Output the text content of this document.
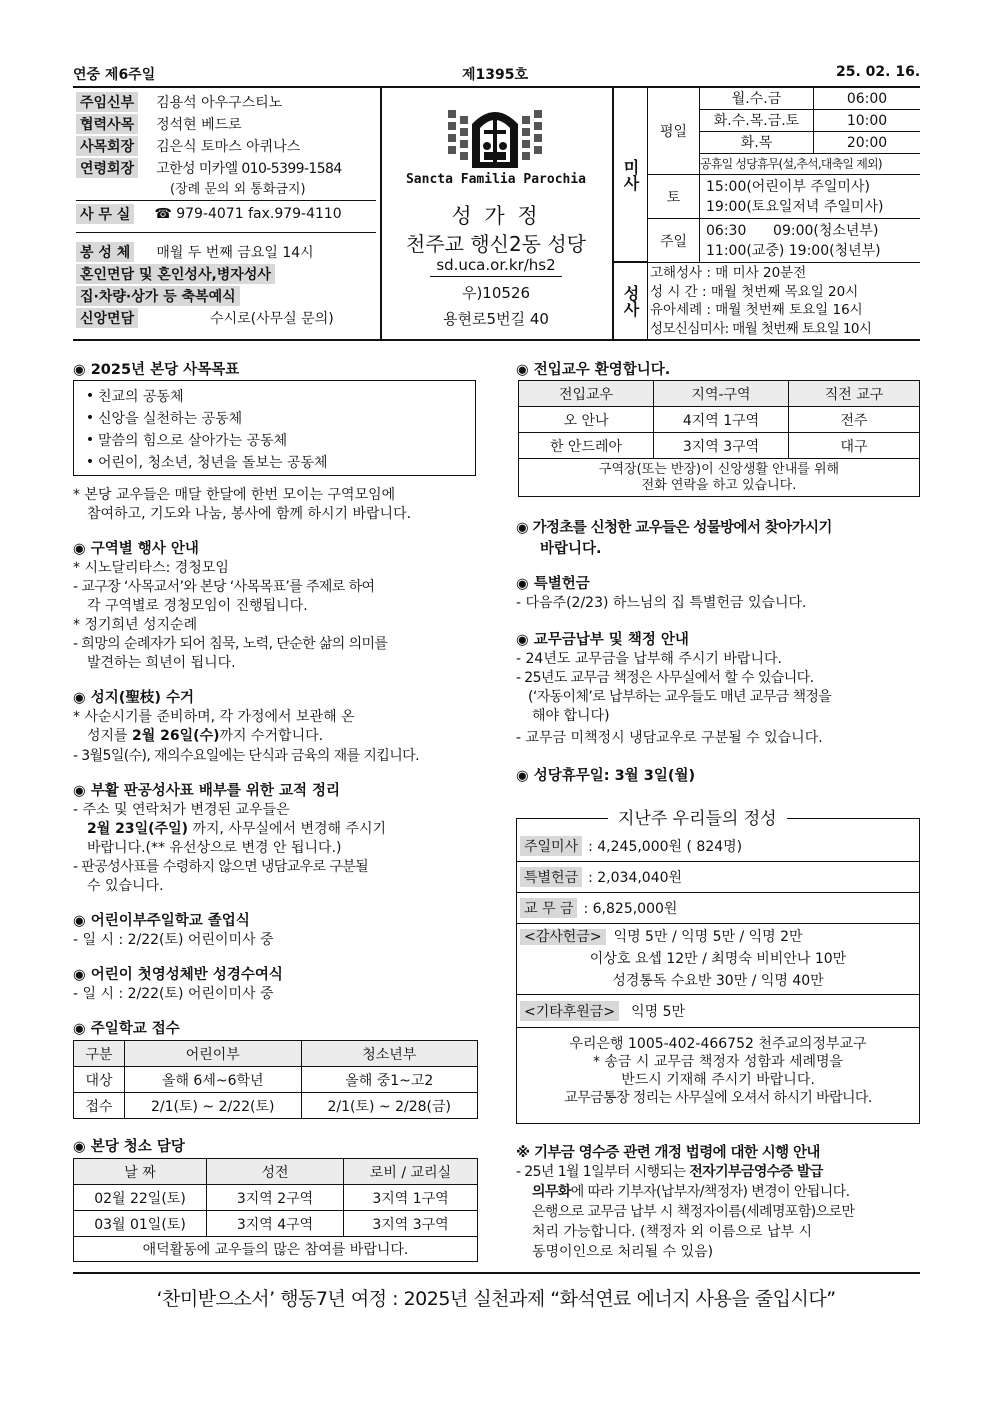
연중 제6주일	제1395호	25. 02. 16.
주임신부 김용석 아우구스티노
협력사목 정석현 베드로
사목회장 김은식 토마스 아퀴나스
연령회장 고한성 미카엘 010-5399-1584
(장례 문의 외 통화금지)
사 무 실 ☎ 979-4071 fax.979-4110
봉 성 체 매월 두 번째 금요일 14시
혼인면담 및 혼인성사,병자성사
집·차량·상가 등 축복예식
신앙면담	수시로(사무실 문의)
Sancta Familia Parochia
성 가 정
천주교 행신2동 성당
sd.uca.or.kr/hs2
우)10526
용현로5번길 40
미사
평일
월.수.금	06:00
화.수.목.금.토	10:00
화.목	20:00
공휴일 성당휴무(설,추석,대축일 제외)
토
15:00(어린이부 주일미사)
19:00(토요일저녁 주일미사)
주일
06:30      09:00(청소년부)
11:00(교중) 19:00(청년부)
성사
고해성사 : 매 미사 20분전
성 시 간 : 매월 첫번째 목요일 20시
유아세례 : 매월 첫번째 토요일 16시
성모신심미사: 매월 첫번째 토요일 10시
◉ 2025년 본당 사목목표
• 친교의 공동체
• 신앙을 실천하는 공동체
• 말씀의 힘으로 살아가는 공동체
• 어린이, 청소년, 청년을 돌보는 공동체
* 본당 교우들은 매달 한달에 한번 모이는 구역모임에
참여하고, 기도와 나눔, 봉사에 함께 하시기 바랍니다.
◉ 구역별 행사 안내
* 시노달리타스: 경청모임
- 교구장 ‘사목교서’와 본당 ‘사목목표’를 주제로 하여
각 구역별로 경청모임이 진행됩니다.
* 정기희년 성지순례
- 희망의 순례자가 되어 침묵, 노력, 단순한 삶의 의미를
발견하는 희년이 됩니다.
◉ 성지(聖枝) 수거
* 사순시기를 준비하며, 각 가정에서 보관해 온
성지를 2월 26일(수)까지 수거합니다.
- 3월5일(수), 재의수요일에는 단식과 금육의 재를 지킵니다.
◉ 부활 판공성사표 배부를 위한 교적 정리
- 주소 및 연락처가 변경된 교우들은
2월 23일(주일) 까지, 사무실에서 변경해 주시기
바랍니다.(** 유선상으로 변경 안 됩니다.)
- 판공성사표를 수령하지 않으면 냉담교우로 구분될
수 있습니다.
◉ 어린이부주일학교 졸업식
- 일 시 : 2/22(토) 어린이미사 중
◉ 어린이 첫영성체반 성경수여식
- 일 시 : 2/22(토) 어린이미사 중
◉ 주일학교 접수
구분	어린이부	청소년부
대상	올해 6세~6학년	올해 중1~고2
접수	2/1(토) ~ 2/22(토)	2/1(토) ~ 2/28(금)
◉ 본당 청소 담당
날 짜	성전	로비 / 교리실
02월 22일(토)	3지역 2구역	3지역 1구역
03월 01일(토)	3지역 4구역	3지역 3구역
애덕활동에 교우들의 많은 참여를 바랍니다.		
◉ 전입교우 환영합니다.
전입교우	지역-구역	직전 교구
오 안나	4지역 1구역	전주
한 안드레아	3지역 3구역	대구

구역장(또는 반장)이 신앙생활 안내를 위해
전화 연락을 하고 있습니다.		
◉ 가정초를 신청한 교우들은 성물방에서 찾아가시기
바랍니다.
◉ 특별헌금
- 다음주(2/23) 하느님의 집 특별헌금 있습니다.
◉ 교무금납부 및 책정 안내
- 24년도 교무금을 납부해 주시기 바랍니다.
- 25년도 교무금 책정은 사무실에서 할 수 있습니다.
(‘자동이체’로 납부하는 교우들도 매년 교무금 책정을
해야 합니다)
- 교무금 미책정시 냉담교우로 구분될 수 있습니다.
◉ 성당휴무일: 3월 3일(월)
지난주 우리들의 정성
주일미사 : 4,245,000원 ( 824명)
특별헌금 : 2,034,040원
교 무 금 : 6,825,000원
<감사헌금> 익명 5만 / 익명 5만 / 익명 2만
이상호 요셉 12만 / 최명숙 비비안나 10만
성경통독 수요반 30만 / 익명 40만
<기타후원금> 익명 5만
우리은행 1005-402-466752 천주교의정부교구
* 송금 시 교무금 책정자 성함과 세례명을
반드시 기재해 주시기 바랍니다.
교무금통장 정리는 사무실에 오셔서 하시기 바랍니다.
※ 기부금 영수증 관련 개정 법령에 대한 시행 안내
- 25년 1월 1일부터 시행되는 전자기부금영수증 발급
의무화에 따라 기부자(납부자/책정자) 변경이 안됩니다.
은행으로 교무금 납부 시 책정자이름(세례명포함)으로만
처리 가능합니다. (책정자 외 이름으로 납부 시
동명이인으로 처리될 수 있음)
‘찬미받으소서’ 행동7년 여정 : 2025년 실천과제 “화석연료 에너지 사용을 줄입시다”
